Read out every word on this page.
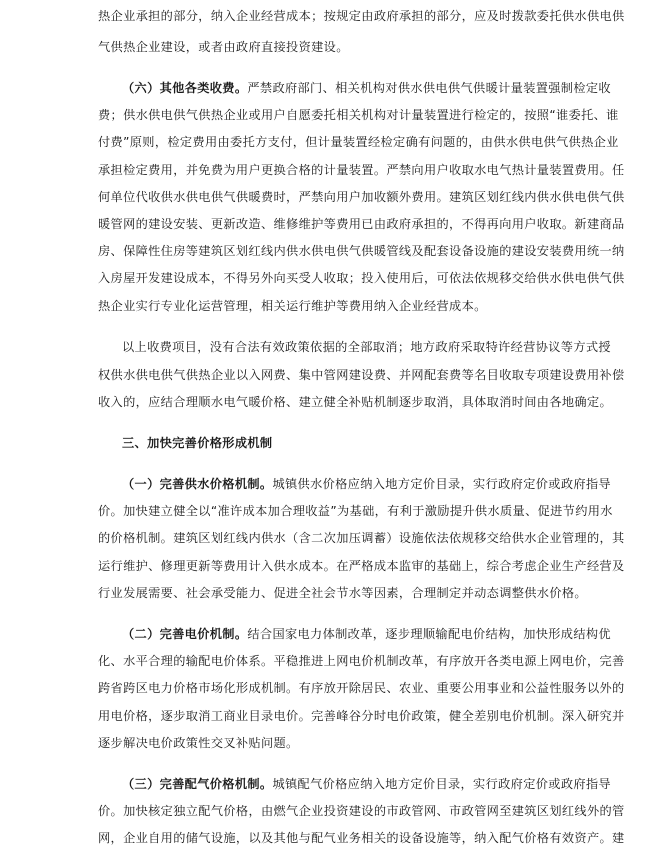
热企业承担的部分，纳入企业经营成本；按规定由政府承担的部分，应及时拨款委托供水供电供
气供热企业建设，或者由政府直接投资建设。
（六）其他各类收费。严禁政府部门、相关机构对供水供电供气供暖计量装置强制检定收
费；供水供电供气供热企业或用户自愿委托相关机构对计量装置进行检定的，按照“谁委托、谁
付费”原则，检定费用由委托方支付，但计量装置经检定确有问题的，由供水供电供气供热企业
承担检定费用，并免费为用户更换合格的计量装置。严禁向用户收取水电气热计量装置费用。任
何单位代收供水供电供气供暖费时，严禁向用户加收额外费用。建筑区划红线内供水供电供气供
暖管网的建设安装、更新改造、维修维护等费用已由政府承担的，不得再向用户收取。新建商品
房、保障性住房等建筑区划红线内供水供电供气供暖管线及配套设备设施的建设安装费用统一纳
入房屋开发建设成本，不得另外向买受人收取；投入使用后，可依法依规移交给供水供电供气供
热企业实行专业化运营管理，相关运行维护等费用纳入企业经营成本。
以上收费项目，没有合法有效政策依据的全部取消；地方政府采取特许经营协议等方式授
权供水供电供气供热企业以入网费、集中管网建设费、并网配套费等名目收取专项建设费用补偿
收入的，应结合理顺水电气暖价格、建立健全补贴机制逐步取消，具体取消时间由各地确定。
三、加快完善价格形成机制
（一）完善供水价格机制。城镇供水价格应纳入地方定价目录，实行政府定价或政府指导
价。加快建立健全以“准许成本加合理收益”为基础，有利于激励提升供水质量、促进节约用水
的价格机制。建筑区划红线内供水（含二次加压调蓄）设施依法依规移交给供水企业管理的，其
运行维护、修理更新等费用计入供水成本。在严格成本监审的基础上，综合考虑企业生产经营及
行业发展需要、社会承受能力、促进全社会节水等因素，合理制定并动态调整供水价格。
（二）完善电价机制。结合国家电力体制改革，逐步理顺输配电价结构，加快形成结构优
化、水平合理的输配电价体系。平稳推进上网电价机制改革，有序放开各类电源上网电价，完善
跨省跨区电力价格市场化形成机制。有序放开除居民、农业、重要公用事业和公益性服务以外的
用电价格，逐步取消工商业目录电价。完善峰谷分时电价政策，健全差别电价机制。深入研究并
逐步解决电价政策性交叉补贴问题。
（三）完善配气价格机制。城镇配气价格应纳入地方定价目录，实行政府定价或政府指导
价。加快核定独立配气价格，由燃气企业投资建设的市政管网、市政管网至建筑区划红线外的管
网，企业自用的储气设施，以及其他与配气业务相关的设备设施等，纳入配气价格有效资产。建
